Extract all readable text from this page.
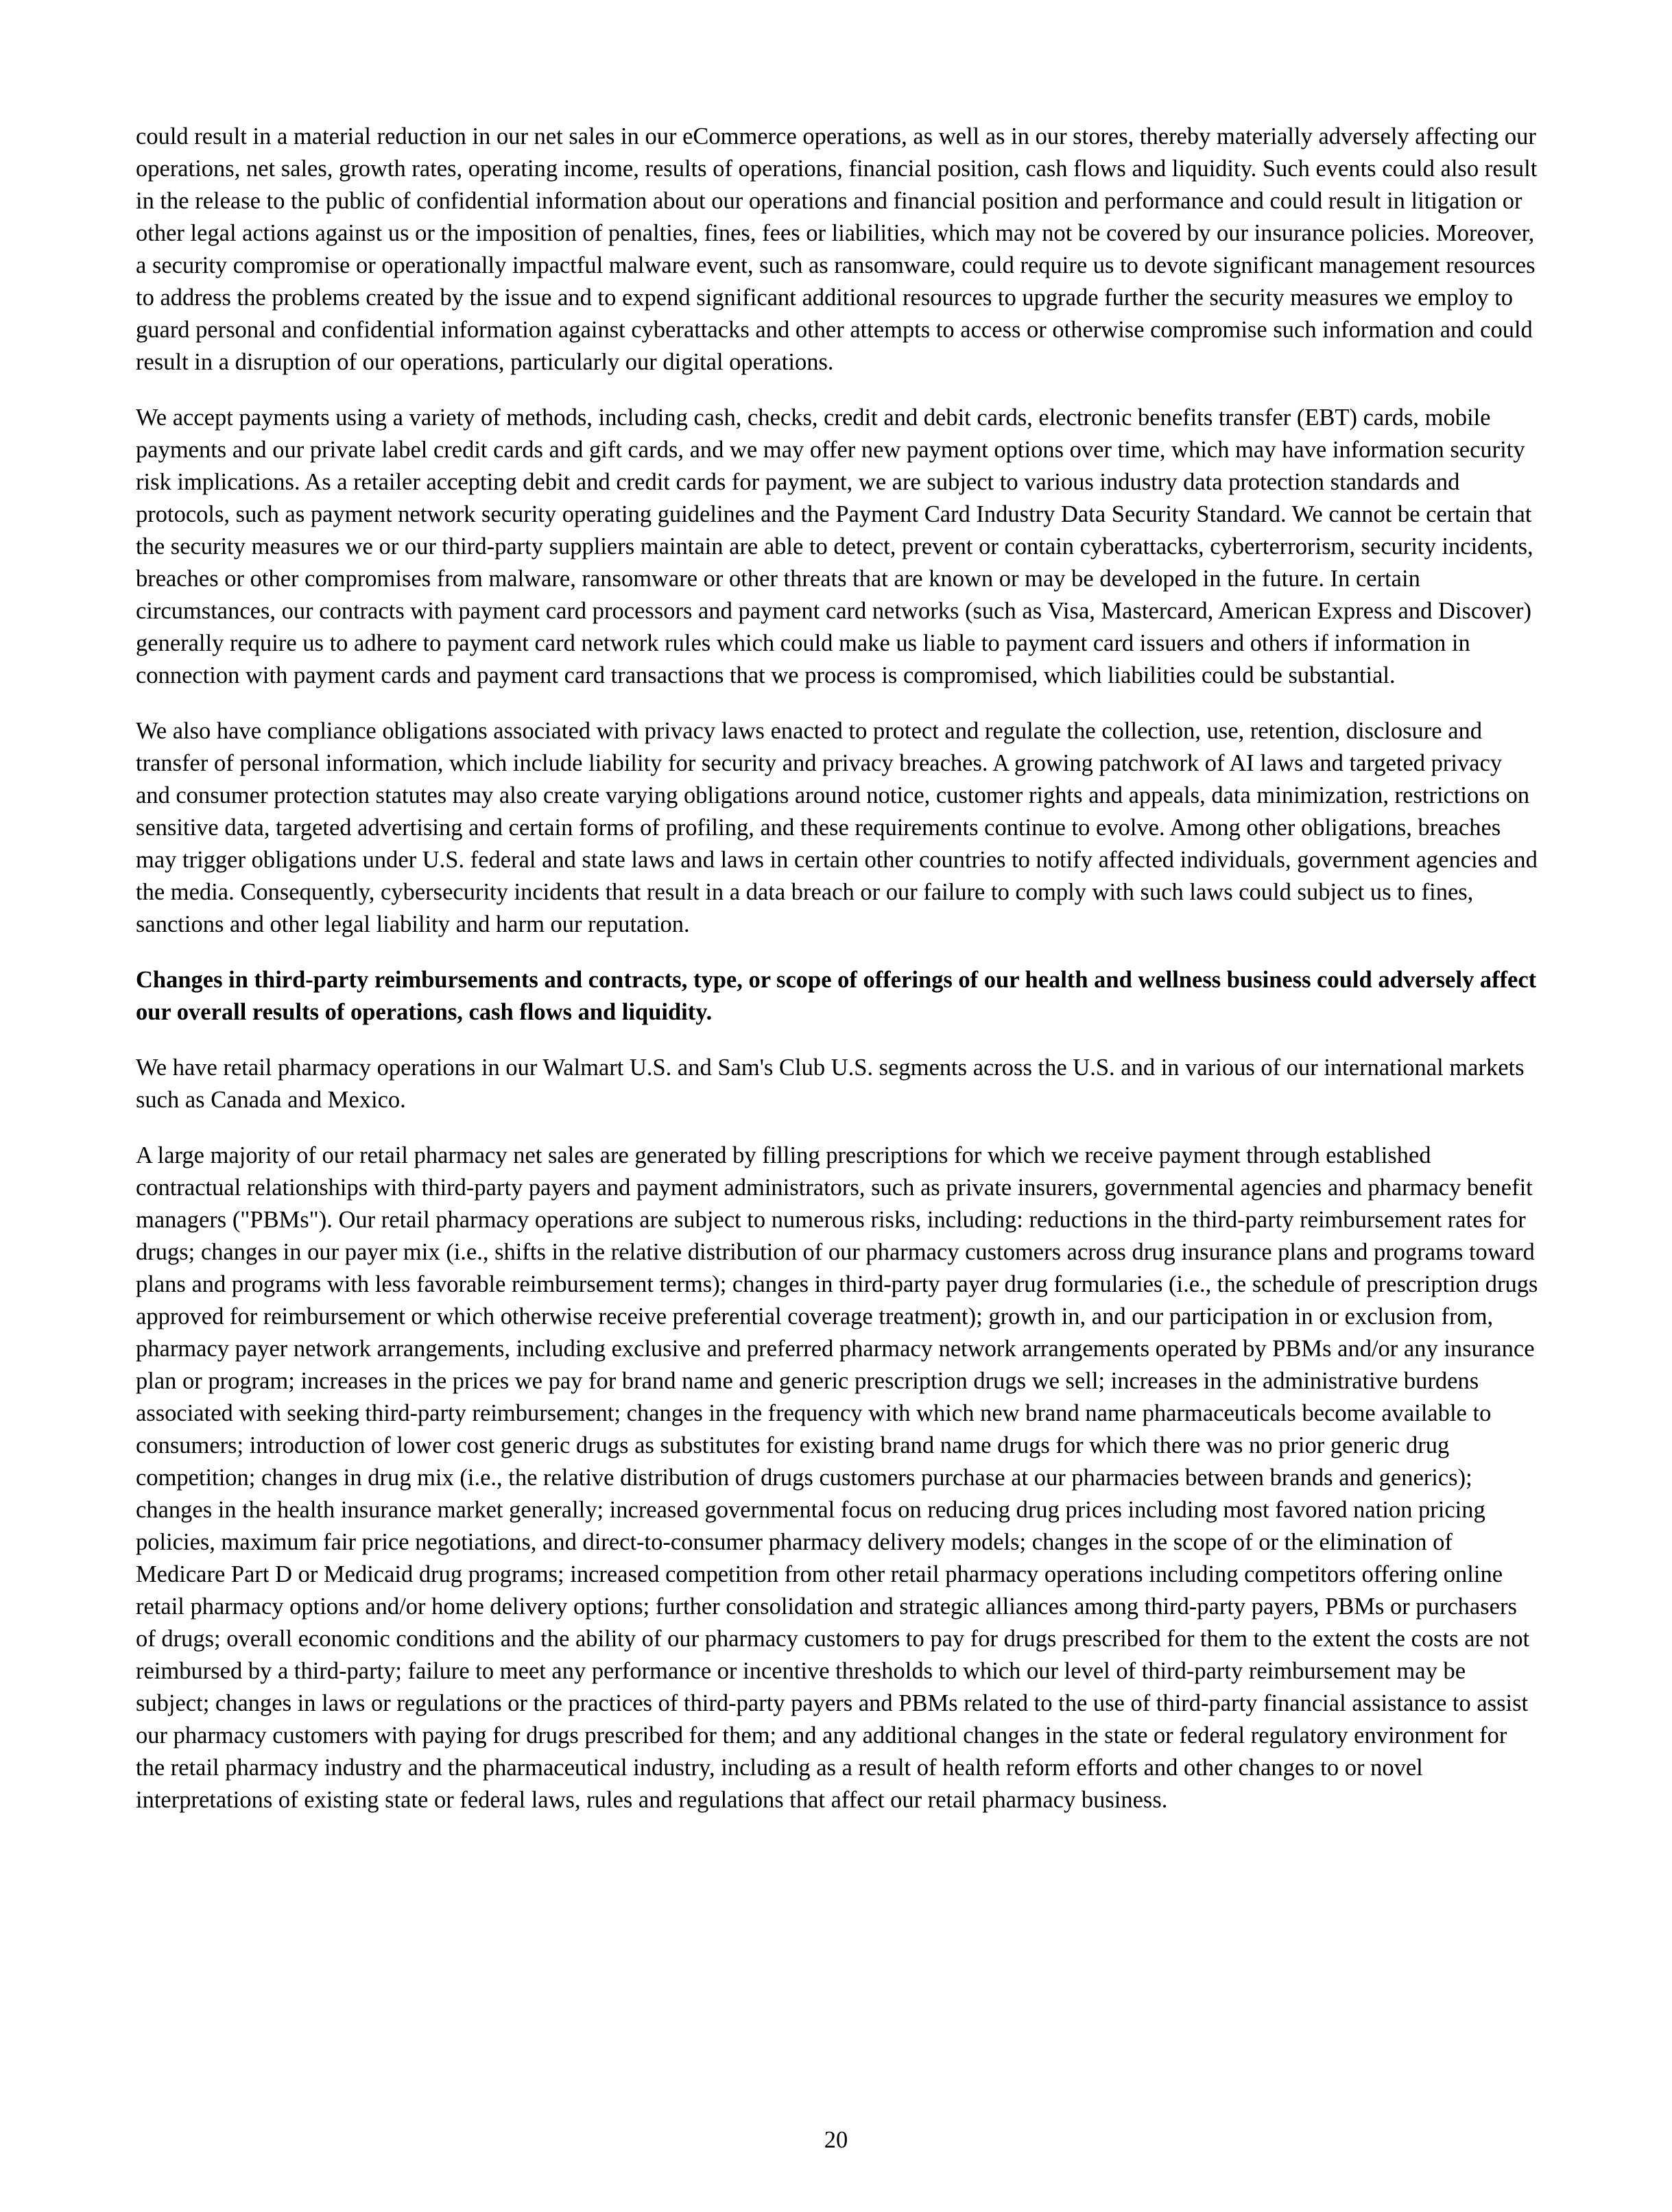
could result in a material reduction in our net sales in our eCommerce operations, as well as in our stores, thereby materially adversely affecting our operations, net sales, growth rates, operating income, results of operations, financial position, cash flows and liquidity. Such events could also result in the release to the public of confidential information about our operations and financial position and performance and could result in litigation or other legal actions against us or the imposition of penalties, fines, fees or liabilities, which may not be covered by our insurance policies. Moreover, a security compromise or operationally impactful malware event, such as ransomware, could require us to devote significant management resources to address the problems created by the issue and to expend significant additional resources to upgrade further the security measures we employ to guard personal and confidential information against cyberattacks and other attempts to access or otherwise compromise such information and could result in a disruption of our operations, particularly our digital operations.

We accept payments using a variety of methods, including cash, checks, credit and debit cards, electronic benefits transfer (EBT) cards, mobile payments and our private label credit cards and gift cards, and we may offer new payment options over time, which may have information security risk implications. As a retailer accepting debit and credit cards for payment, we are subject to various industry data protection standards and protocols, such as payment network security operating guidelines and the Payment Card Industry Data Security Standard. We cannot be certain that the security measures we or our third-party suppliers maintain are able to detect, prevent or contain cyberattacks, cyberterrorism, security incidents, breaches or other compromises from malware, ransomware or other threats that are known or may be developed in the future. In certain circumstances, our contracts with payment card processors and payment card networks (such as Visa, Mastercard, American Express and Discover) generally require us to adhere to payment card network rules which could make us liable to payment card issuers and others if information in connection with payment cards and payment card transactions that we process is compromised, which liabilities could be substantial.

We also have compliance obligations associated with privacy laws enacted to protect and regulate the collection, use, retention, disclosure and transfer of personal information, which include liability for security and privacy breaches. A growing patchwork of AI laws and targeted privacy and consumer protection statutes may also create varying obligations around notice, customer rights and appeals, data minimization, restrictions on sensitive data, targeted advertising and certain forms of profiling, and these requirements continue to evolve. Among other obligations, breaches may trigger obligations under U.S. federal and state laws and laws in certain other countries to notify affected individuals, government agencies and the media. Consequently, cybersecurity incidents that result in a data breach or our failure to comply with such laws could subject us to fines, sanctions and other legal liability and harm our reputation.

Changes in third-party reimbursements and contracts, type, or scope of offerings of our health and wellness business could adversely affect our overall results of operations, cash flows and liquidity.

We have retail pharmacy operations in our Walmart U.S. and Sam's Club U.S. segments across the U.S. and in various of our international markets such as Canada and Mexico.

A large majority of our retail pharmacy net sales are generated by filling prescriptions for which we receive payment through established contractual relationships with third-party payers and payment administrators, such as private insurers, governmental agencies and pharmacy benefit managers ("PBMs"). Our retail pharmacy operations are subject to numerous risks, including: reductions in the third-party reimbursement rates for drugs; changes in our payer mix (i.e., shifts in the relative distribution of our pharmacy customers across drug insurance plans and programs toward plans and programs with less favorable reimbursement terms); changes in third-party payer drug formularies (i.e., the schedule of prescription drugs approved for reimbursement or which otherwise receive preferential coverage treatment); growth in, and our participation in or exclusion from, pharmacy payer network arrangements, including exclusive and preferred pharmacy network arrangements operated by PBMs and/or any insurance plan or program; increases in the prices we pay for brand name and generic prescription drugs we sell; increases in the administrative burdens associated with seeking third-party reimbursement; changes in the frequency with which new brand name pharmaceuticals become available to consumers; introduction of lower cost generic drugs as substitutes for existing brand name drugs for which there was no prior generic drug competition; changes in drug mix (i.e., the relative distribution of drugs customers purchase at our pharmacies between brands and generics); changes in the health insurance market generally; increased governmental focus on reducing drug prices including most favored nation pricing policies, maximum fair price negotiations, and direct-to-consumer pharmacy delivery models; changes in the scope of or the elimination of Medicare Part D or Medicaid drug programs; increased competition from other retail pharmacy operations including competitors offering online retail pharmacy options and/or home delivery options; further consolidation and strategic alliances among third-party payers, PBMs or purchasers of drugs; overall economic conditions and the ability of our pharmacy customers to pay for drugs prescribed for them to the extent the costs are not reimbursed by a third-party; failure to meet any performance or incentive thresholds to which our level of third-party reimbursement may be subject; changes in laws or regulations or the practices of third-party payers and PBMs related to the use of third-party financial assistance to assist our pharmacy customers with paying for drugs prescribed for them; and any additional changes in the state or federal regulatory environment for the retail pharmacy industry and the pharmaceutical industry, including as a result of health reform efforts and other changes to or novel interpretations of existing state or federal laws, rules and regulations that affect our retail pharmacy business.

20
